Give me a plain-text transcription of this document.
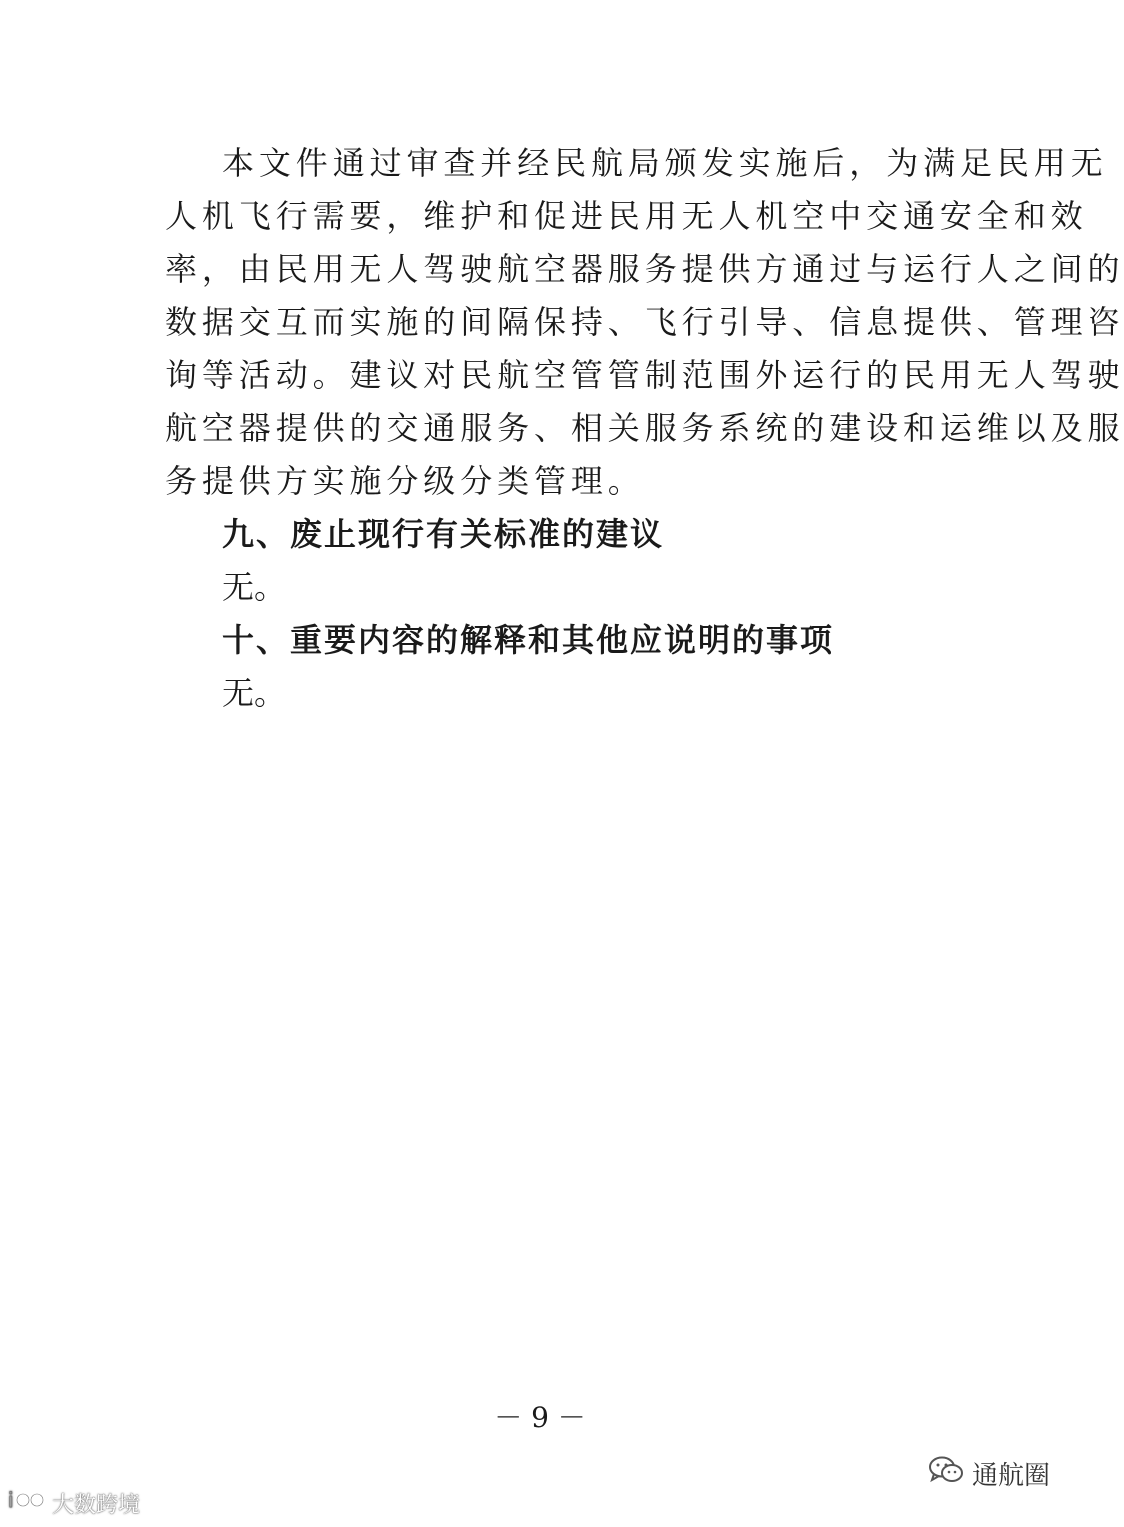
本文件通过审查并经民航局颁发实施后，为满足民用无
人机飞行需要，维护和促进民用无人机空中交通安全和效
率，由民用无人驾驶航空器服务提供方通过与运行人之间的
数据交互而实施的间隔保持、飞行引导、信息提供、管理咨
询等活动。建议对民航空管管制范围外运行的民用无人驾驶
航空器提供的交通服务、相关服务系统的建设和运维以及服
务提供方实施分级分类管理。
九、废止现行有关标准的建议
无。
十、重要内容的解释和其他应说明的事项
无。
－ 9 －
i 大数跨境
通航圈
